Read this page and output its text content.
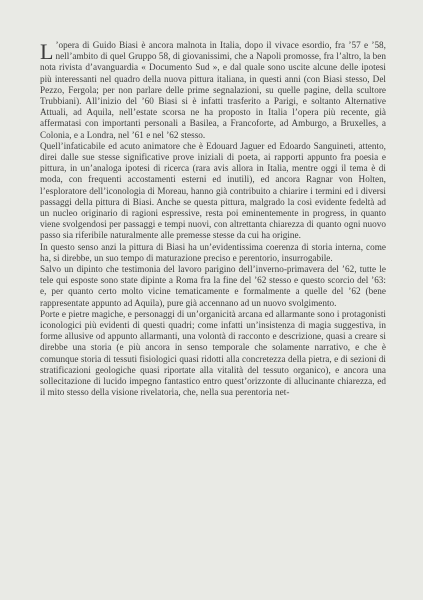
L ’opera di Guido Biasi è ancora malnota in Italia, dopo il vivace esordio, fra ’57 e ’58, nell’ambito di quel Gruppo 58, di giovanissimi, che a Napoli promosse, fra l’altro, la ben nota rivista d’avanguardia « Documento Sud », e dal quale sono uscite alcune delle ipotesi più interessanti nel quadro della nuova pittura italiana, in questi anni (con Biasi stesso, Del Pezzo, Fergola; per non parlare delle prime segnalazioni, su quelle pagine, della scultore Trubbiani). All’inizio del ’60 Biasi si è infatti trasferito a Parigi, e soltanto Alternative Attuali, ad Aquila, nell’estate scorsa ne ha proposto in Italia l’opera più recente, già affermatasi con importanti personali a Basilea, a Francoforte, ad Amburgo, a Bruxelles, a Colonia, e a Londra, nel ’61 e nel ’62 stesso.

Quell’infaticabile ed acuto animatore che è Edouard Jaguer ed Edoardo Sanguineti, attento, direi dalle sue stesse significative prove iniziali di poeta, ai rapporti appunto fra poesia e pittura, in un’analoga ipotesi di ricerca (rara avis allora in Italia, mentre oggi il tema è di moda, con frequenti accostamenti esterni ed inutili), ed ancora Ragnar von Holten, l’esploratore dell’iconologia di Moreau, hanno già contribuito a chiarire i termini ed i diversi passaggi della pittura di Biasi. Anche se questa pittura, malgrado la così evidente fedeltà ad un nucleo originario di ragioni espressive, resta poi eminentemente in progress, in quanto viene svolgendosi per passaggi e tempi nuovi, con altrettanta chiarezza di quanto ogni nuovo passo sia riferibile naturalmente alle premesse stesse da cui ha origine.

In questo senso anzi la pittura di Biasi ha un’evidentissima coerenza di storia interna, come ha, si direbbe, un suo tempo di maturazione preciso e perentorio, insurrogabile.

Salvo un dipinto che testimonia del lavoro parigino dell’inverno-primavera del ’62, tutte le tele qui esposte sono state dipinte a Roma fra la fine del ’62 stesso e questo scorcio del ’63: e, per quanto certo molto vicine tematicamente e formalmente a quelle del ’62 (bene rappresentate appunto ad Aquila), pure già accennano ad un nuovo svolgimento.

Porte e pietre magiche, e personaggi di un’organicità arcana ed allarmante sono i protagonisti iconologici più evidenti di questi quadri; come infatti un’insistenza di magia suggestiva, in forme allusive od appunto allarmanti, una volontà di racconto e descrizione, quasi a creare si direbbe una storia (e più ancora in senso temporale che solamente narrativo, e che è comunque storia di tessuti fisiologici quasi ridotti alla concretezza della pietra, e di sezioni di stratificazioni geologiche quasi riportate alla vitalità del tessuto organico), e ancora una sollecitazione di lucido impegno fantastico entro quest’orizzonte di allucinante chiarezza, ed il mito stesso della visione rivelatoria, che, nella sua perentoria net-
